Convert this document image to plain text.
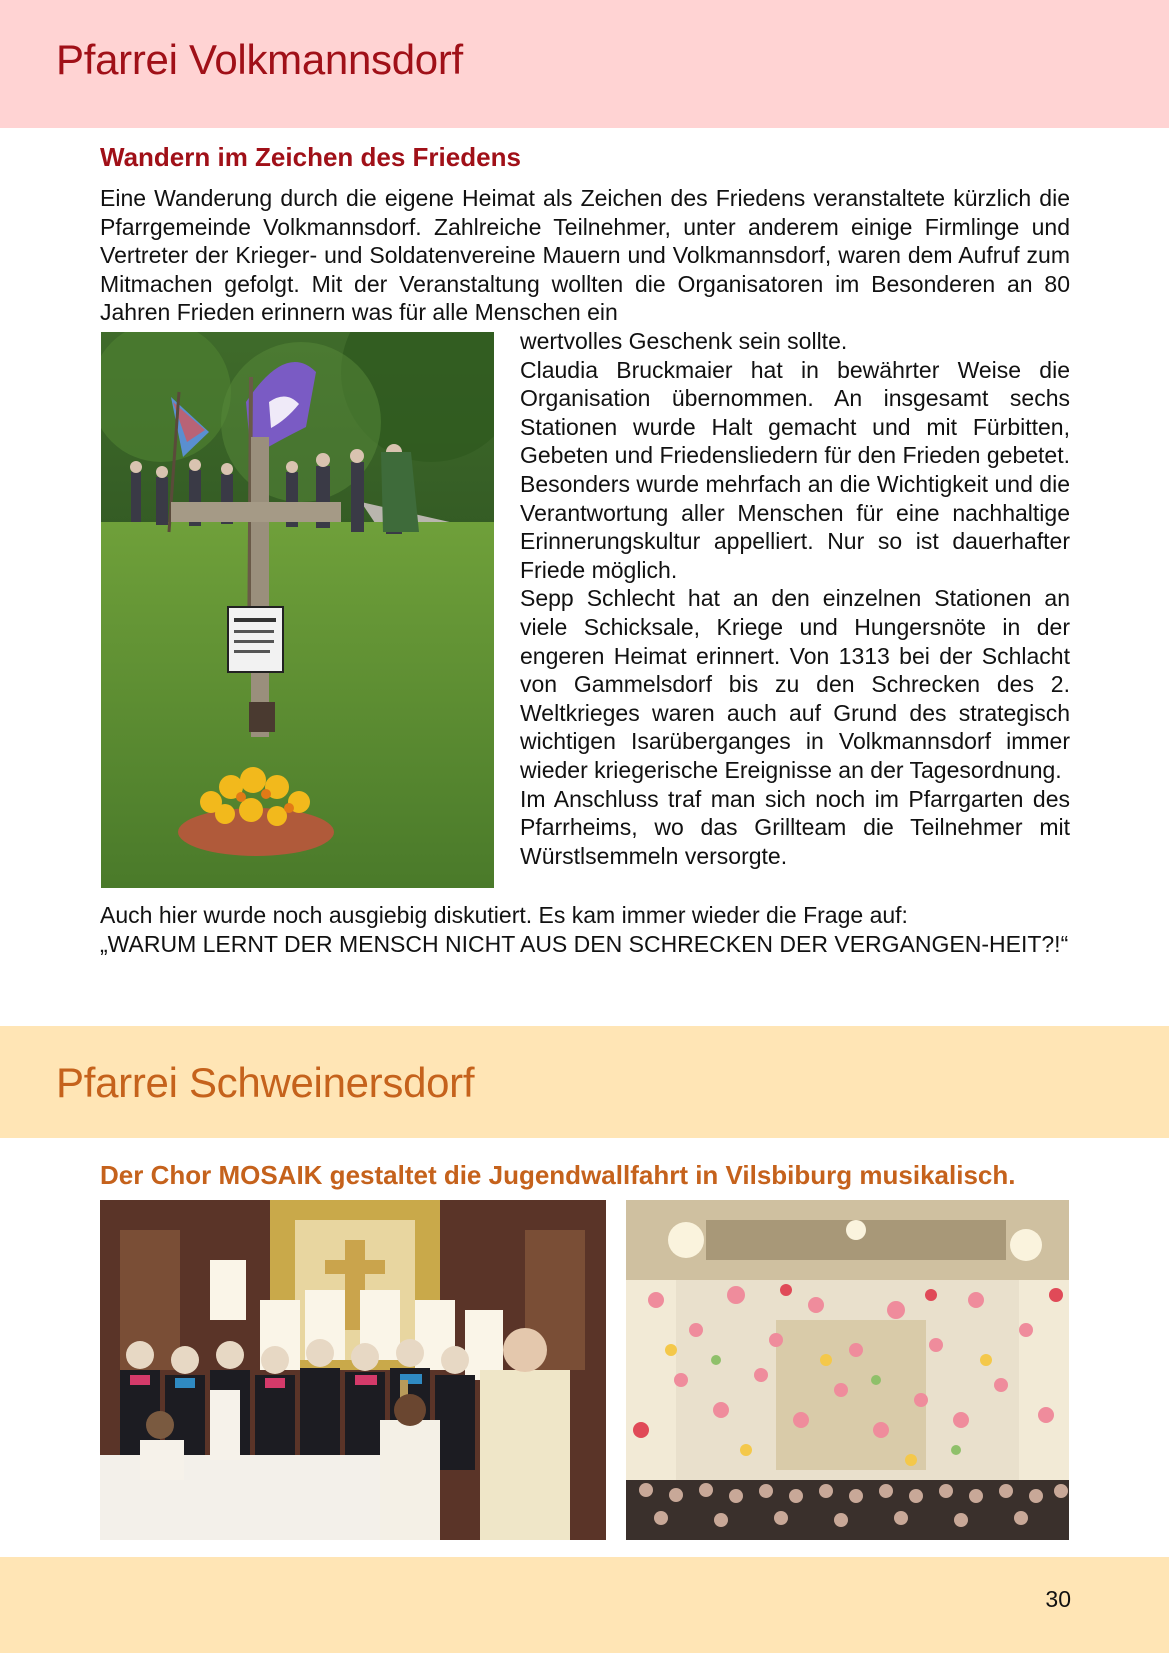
Pfarrei Volkmannsdorf
Wandern im Zeichen des Friedens

Eine Wanderung durch die eigene Heimat als Zeichen des Friedens veranstaltete kürzlich die Pfarrgemeinde Volkmannsdorf. Zahlreiche Teilnehmer, unter anderem einige Firmlinge und Vertreter der Krieger- und Soldatenvereine Mauern und Volkmannsdorf, waren dem Aufruf zum Mitmachen gefolgt. Mit der Veranstaltung wollten die Organisatoren im Besonderen an 80 Jahren Frieden erinnern was für alle Menschen ein

wertvolles Geschenk sein sollte.

Claudia Bruckmaier hat in bewährter Weise die Organisation übernommen. An insgesamt sechs Stationen wurde Halt gemacht und mit Fürbitten, Gebeten und Friedensliedern für den Frieden gebetet. Besonders wurde mehrfach an die Wichtigkeit und die Verantwortung aller Menschen für eine nachhaltige Erinnerungskultur appelliert. Nur so ist dauerhafter Friede möglich.

Sepp Schlecht hat an den einzelnen Stationen an viele Schicksale, Kriege und Hungersnöte in der engeren Heimat erinnert. Von 1313 bei der Schlacht von Gammelsdorf bis zu den Schrecken des 2. Weltkrieges waren auch auf Grund des strategisch wichtigen Isarüberganges in Volkmannsdorf immer wieder kriegerische Ereignisse an der Tagesordnung.

Im Anschluss traf man sich noch im Pfarrgarten des Pfarrheims, wo das Grillteam die Teilnehmer mit Würstlsemmeln versorgte.

Auch hier wurde noch ausgiebig diskutiert. Es kam immer wieder die Frage auf:

„WARUM LERNT DER MENSCH NICHT AUS DEN SCHRECKEN DER VERGANGEN-HEIT?!“

Pfarrei Schweinersdorf
Der Chor MOSAIK gestaltet die Jugendwallfahrt in Vilsbiburg musikalisch.
30
